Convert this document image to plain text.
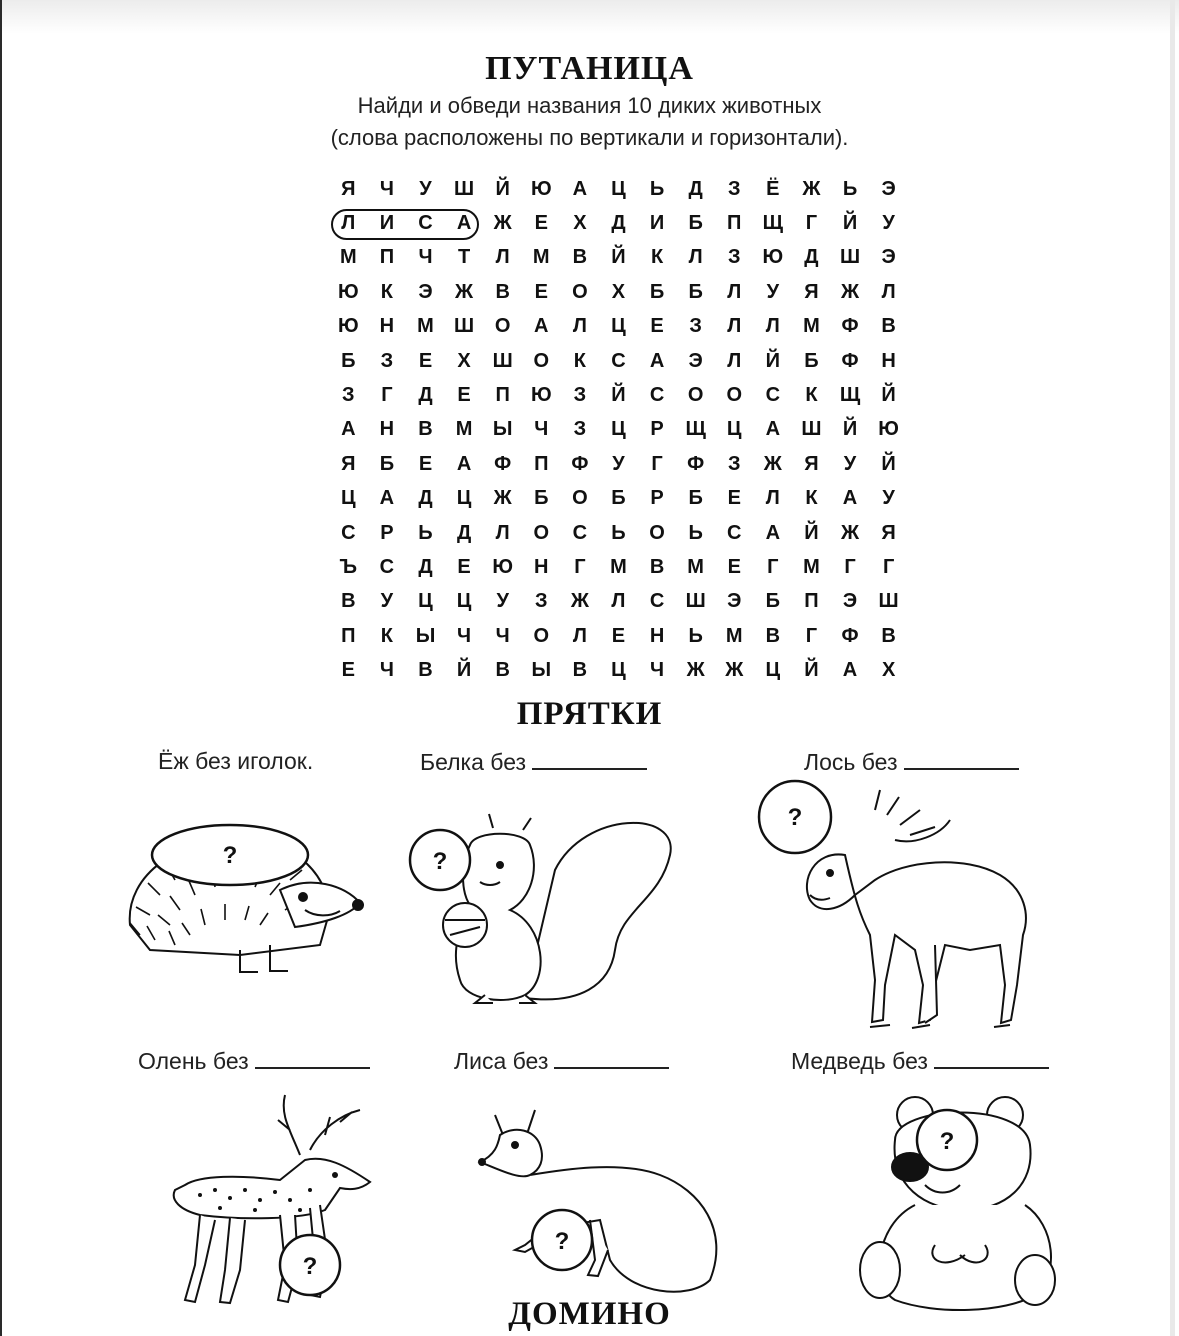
ПУТАНИЦА
Найди и обведи названия 10 диких животных
(слова расположены по вертикали и горизонтали).
Я	Ч	У	Ш	Й	Ю	А	Ц	Ь	Д	З	Ё	Ж	Ь	Э
Л	И	С	А	Ж	Е	Х	Д	И	Б	П	Щ	Г	Й	У
М	П	Ч	Т	Л	М	В	Й	К	Л	З	Ю	Д	Ш	Э
Ю	К	Э	Ж	В	Е	О	Х	Б	Б	Л	У	Я	Ж	Л
Ю	Н	М	Ш	О	А	Л	Ц	Е	З	Л	Л	М	Ф	В
Б	З	Е	Х	Ш	О	К	С	А	Э	Л	Й	Б	Ф	Н
З	Г	Д	Е	П	Ю	З	Й	С	О	О	С	К	Щ	Й
А	Н	В	М	Ы	Ч	З	Ц	Р	Щ	Ц	А	Ш	Й	Ю
Я	Б	Е	А	Ф	П	Ф	У	Г	Ф	З	Ж	Я	У	Й
Ц	А	Д	Ц	Ж	Б	О	Б	Р	Б	Е	Л	К	А	У
С	Р	Ь	Д	Л	О	С	Ь	О	Ь	С	А	Й	Ж	Я
Ъ	С	Д	Е	Ю	Н	Г	М	В	М	Е	Г	М	Г	Г
В	У	Ц	Ц	У	З	Ж	Л	С	Ш	Э	Б	П	Э	Ш
П	К	Ы	Ч	Ч	О	Л	Е	Н	Ь	М	В	Г	Ф	В
Е	Ч	В	Й	В	Ы	В	Ц	Ч	Ж	Ж	Ц	Й	А	Х
ПРЯТКИ
Ёж без иголок.	Белка без	Лось без
Олень без	Лиса без	Медведь без
?	?
?
?
?
?
ДОМИНО
